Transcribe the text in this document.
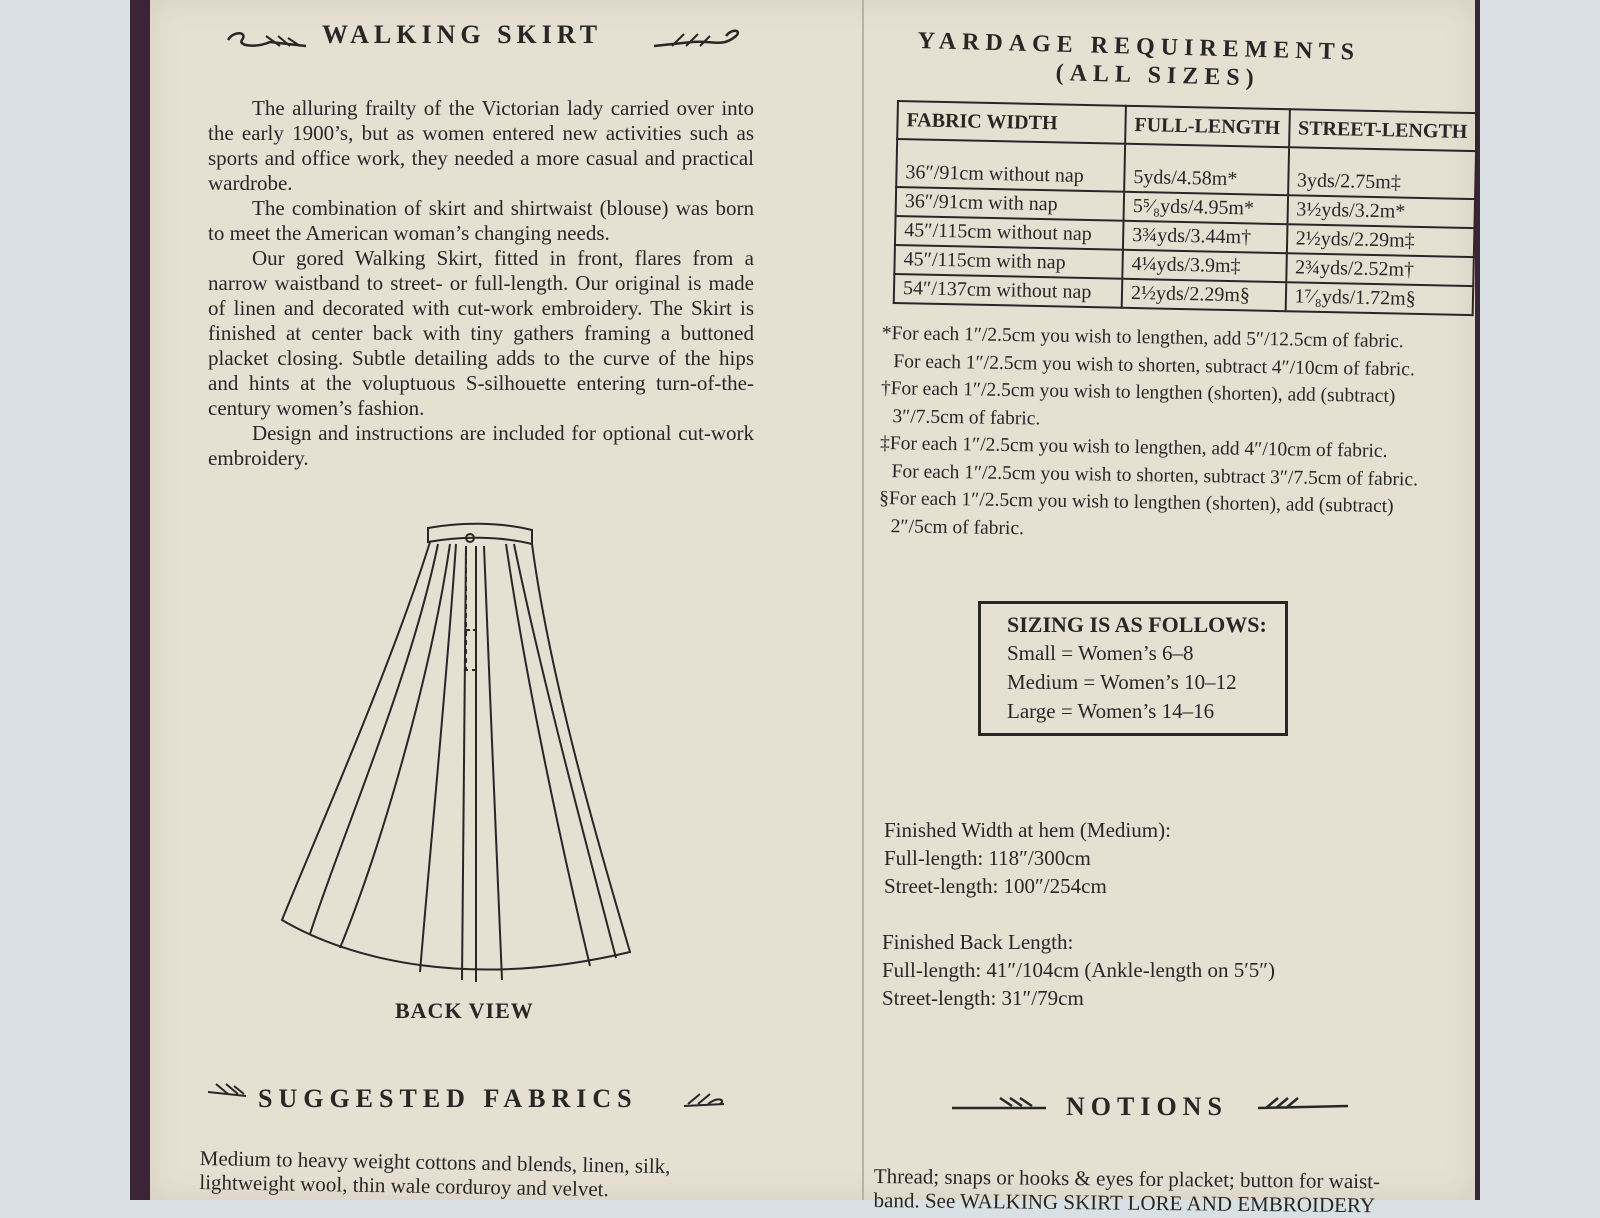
WALKING SKIRT

The alluring frailty of the Victorian lady carried over into the early 1900’s, but as women entered new activities such as sports and office work, they needed a more casual and practical wardrobe.

The combination of skirt and shirtwaist (blouse) was born to meet the American woman’s changing needs.

Our gored Walking Skirt, fitted in front, flares from a narrow waistband to street- or full-length. Our original is made of linen and decorated with cut-work embroidery. The Skirt is finished at center back with tiny gathers framing a buttoned placket closing. Subtle detailing adds to the curve of the hips and hints at the voluptuous S-silhouette entering turn-of-the-century women’s fashion.

Design and instructions are included for optional cut-work embroidery.

BACK VIEW
YARDAGE REQUIREMENTS
(ALL SIZES)
FABRIC WIDTH	FULL-LENGTH	STREET-LENGTH
36″/91cm without nap	5yds/4.58m*	3yds/2.75m‡
36″/91cm with nap	5⁵⁄₈yds/4.95m*	3½yds/3.2m*
45″/115cm without nap	3¾yds/3.44m†	2½yds/2.29m‡
45″/115cm with nap	4¼yds/3.9m‡	2¾yds/2.52m†
54″/137cm without nap	2½yds/2.29m§	1⁷⁄₈yds/1.72m§
*For each 1″/2.5cm you wish to lengthen, add 5″/12.5cm of fabric.
For each 1″/2.5cm you wish to shorten, subtract 4″/10cm of fabric.
†For each 1″/2.5cm you wish to lengthen (shorten), add (subtract)
3″/7.5cm of fabric.
‡For each 1″/2.5cm you wish to lengthen, add 4″/10cm of fabric.
For each 1″/2.5cm you wish to shorten, subtract 3″/7.5cm of fabric.
§For each 1″/2.5cm you wish to lengthen (shorten), add (subtract)
2″/5cm of fabric.
SIZING IS AS FOLLOWS:
Small = Women’s 6–8
Medium = Women’s 10–12
Large = Women’s 14–16
Finished Width at hem (Medium):
Full-length: 118″/300cm
Street-length: 100″/254cm
Finished Back Length:
Full-length: 41″/104cm (Ankle-length on 5′5″)
Street-length: 31″/79cm
SUGGESTED FABRICS
Medium to heavy weight cottons and blends, linen, silk,
lightweight wool, thin wale corduroy and velvet.
NOTIONS
Thread; snaps or hooks & eyes for placket; button for waist-
band. See WALKING SKIRT LORE AND EMBROIDERY
